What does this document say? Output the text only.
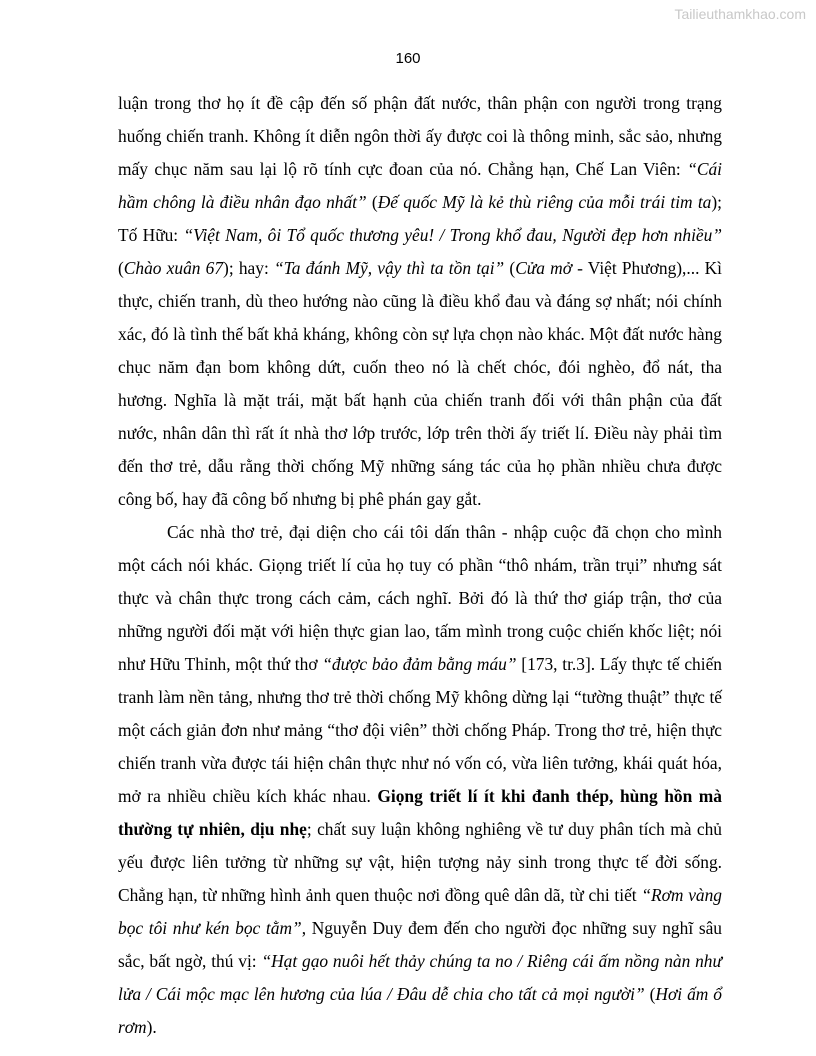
Tailieuthamkhao.com
160
luận trong thơ họ ít đề cập đến số phận đất nước, thân phận con người trong trạng
huống chiến tranh. Không ít diễn ngôn thời ấy được coi là thông minh, sắc sảo, nhưng
mấy chục năm sau lại lộ rõ tính cực đoan của nó. Chẳng hạn, Chế Lan Viên: “Cái
hầm chông là điều nhân đạo nhất” (Đế quốc Mỹ là kẻ thù riêng của mỗi trái tim ta);
Tố Hữu: “Việt Nam, ôi Tổ quốc thương yêu! / Trong khổ đau, Người đẹp hơn nhiều”
(Chào xuân 67); hay: “Ta đánh Mỹ, vậy thì ta tồn tại” (Cửa mở - Việt Phương),... Kì
thực, chiến tranh, dù theo hướng nào cũng là điều khổ đau và đáng sợ nhất; nói chính
xác, đó là tình thế bất khả kháng, không còn sự lựa chọn nào khác. Một đất nước hàng
chục năm đạn bom không dứt, cuốn theo nó là chết chóc, đói nghèo, đổ nát, tha
hương. Nghĩa là mặt trái, mặt bất hạnh của chiến tranh đối với thân phận của đất
nước, nhân dân thì rất ít nhà thơ lớp trước, lớp trên thời ấy triết lí. Điều này phải tìm
đến thơ trẻ, dẫu rằng thời chống Mỹ những sáng tác của họ phần nhiều chưa được
công bố, hay đã công bố nhưng bị phê phán gay gắt.
Các nhà thơ trẻ, đại diện cho cái tôi dấn thân - nhập cuộc đã chọn cho mình
một cách nói khác. Giọng triết lí của họ tuy có phần “thô nhám, trần trụi” nhưng sát
thực và chân thực trong cách cảm, cách nghĩ. Bởi đó là thứ thơ giáp trận, thơ của
những người đối mặt với hiện thực gian lao, tấm mình trong cuộc chiến khốc liệt; nói
như Hữu Thỉnh, một thứ thơ “được bảo đảm bằng máu” [173, tr.3]. Lấy thực tế chiến
tranh làm nền tảng, nhưng thơ trẻ thời chống Mỹ không dừng lại “tường thuật” thực tế
một cách giản đơn như mảng “thơ đội viên” thời chống Pháp. Trong thơ trẻ, hiện thực
chiến tranh vừa được tái hiện chân thực như nó vốn có, vừa liên tưởng, khái quát hóa,
mở ra nhiều chiều kích khác nhau. Giọng triết lí ít khi đanh thép, hùng hồn mà
thường tự nhiên, dịu nhẹ; chất suy luận không nghiêng về tư duy phân tích mà chủ
yếu được liên tưởng từ những sự vật, hiện tượng nảy sinh trong thực tế đời sống.
Chẳng hạn, từ những hình ảnh quen thuộc nơi đồng quê dân dã, từ chi tiết “Rơm vàng
bọc tôi như kén bọc tằm”, Nguyễn Duy đem đến cho người đọc những suy nghĩ sâu
sắc, bất ngờ, thú vị: “Hạt gạo nuôi hết thảy chúng ta no / Riêng cái ấm nồng nàn như
lửa / Cái mộc mạc lên hương của lúa / Đâu dễ chia cho tất cả mọi người” (Hơi ấm ổ
rơm).
